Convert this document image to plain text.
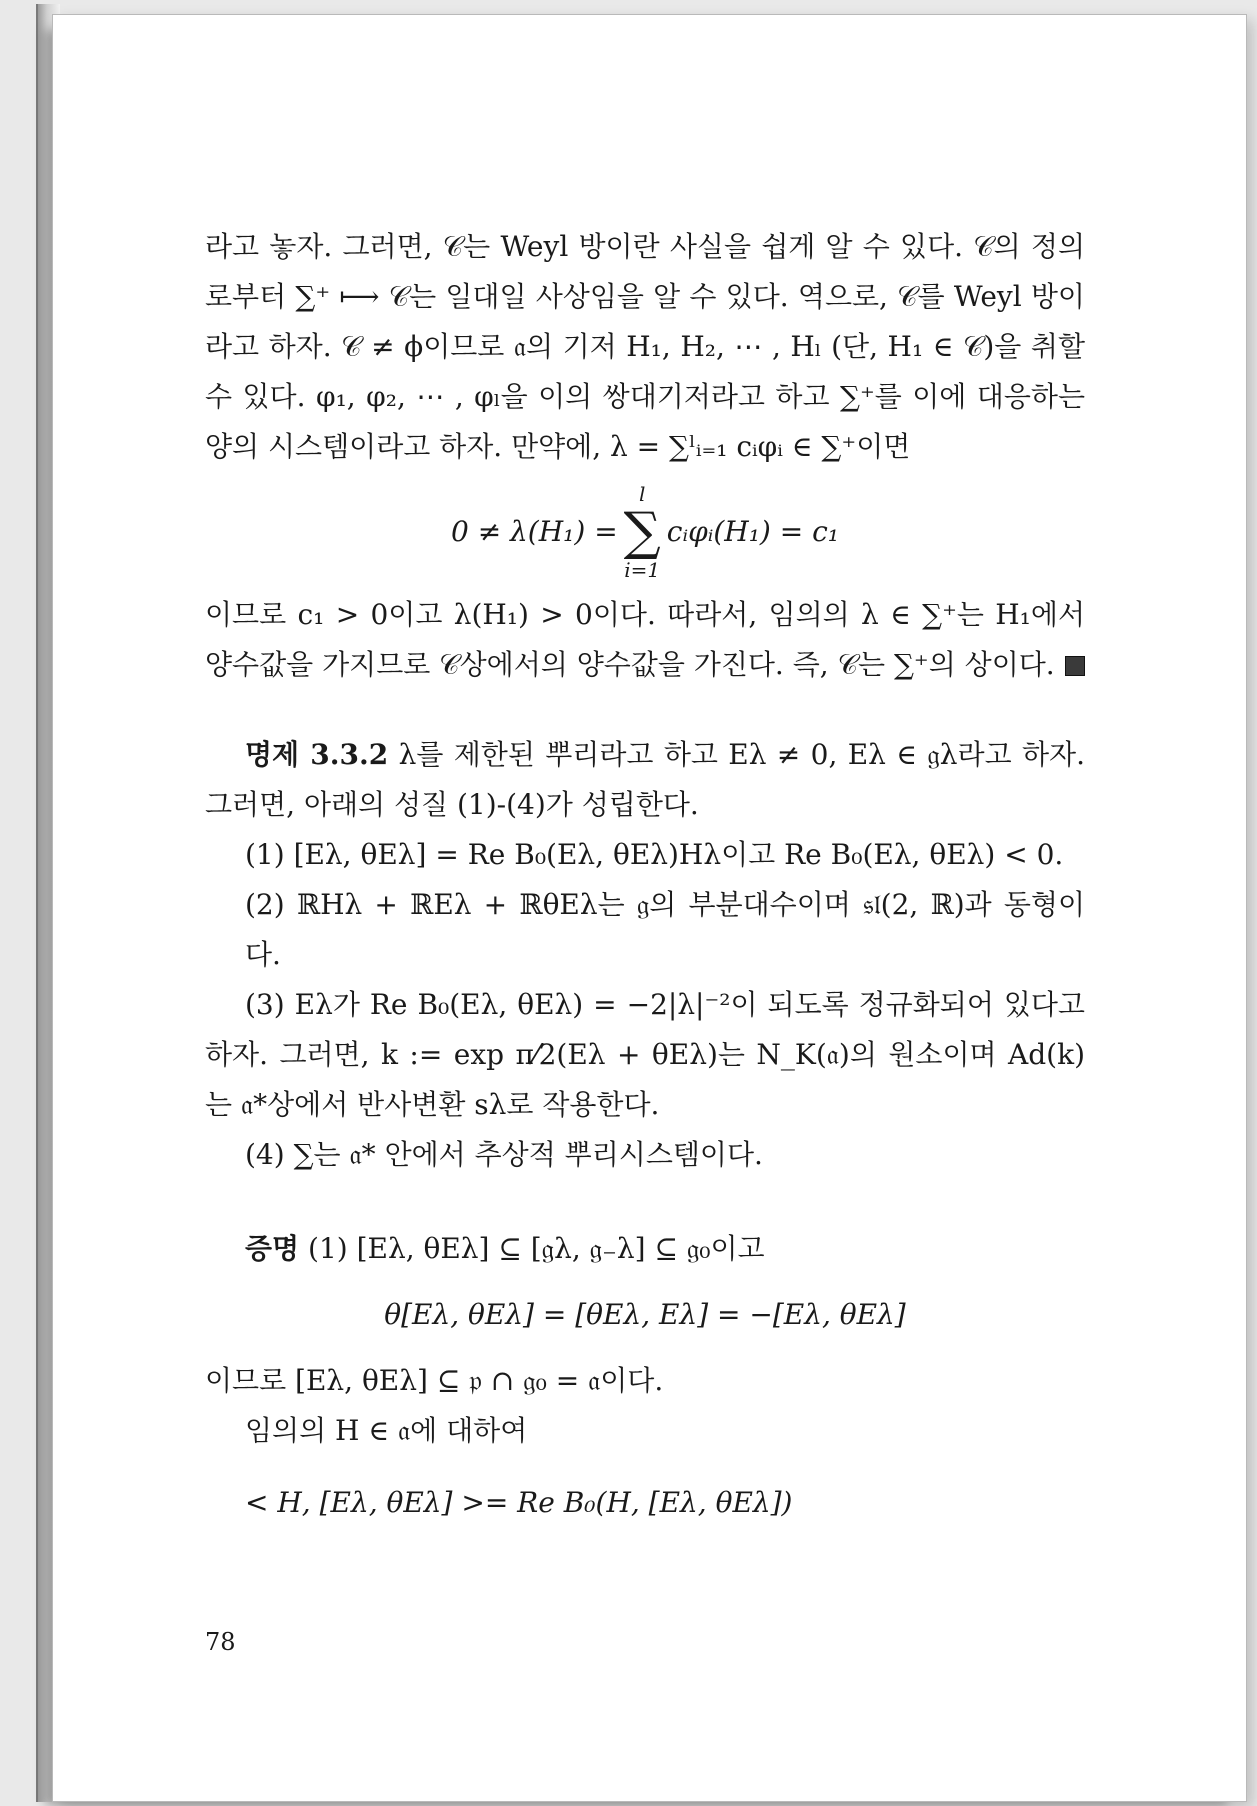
라고 놓자. 그러면, 𝒞는 Weyl 방이란 사실을 쉽게 알 수 있다. 𝒞의 정의로부터 ∑⁺ ⟼ 𝒞는 일대일 사상임을 알 수 있다. 역으로, 𝒞를 Weyl 방이라고 하자. 𝒞 ≠ ϕ이므로 𝔞의 기저 H₁, H₂, ⋯ , Hₗ (단, H₁ ∈ 𝒞)을 취할 수 있다. φ₁, φ₂, ⋯ , φₗ을 이의 쌍대기저라고 하고 ∑⁺를 이에 대응하는 양의 시스템이라고 하자. 만약에, λ = ∑ˡᵢ₌₁ cᵢφᵢ ∈ ∑⁺이면

0 ≠ λ(H₁) =
l
∑
i=1
cᵢφᵢ(H₁) = c₁

이므로 c₁ > 0이고 λ(H₁) > 0이다. 따라서, 임의의 λ ∈ ∑⁺는 H₁에서 양수값을 가지므로 𝒞상에서의 양수값을 가진다. 즉, 𝒞는 ∑⁺의 상이다.

명제 3.3.2 λ를 제한된 뿌리라고 하고 Eλ ≠ 0, Eλ ∈ 𝔤λ라고 하자. 그러면, 아래의 성질 (1)-(4)가 성립한다.

(1) [Eλ, θEλ] = Re B₀(Eλ, θEλ)Hλ이고 Re B₀(Eλ, θEλ) < 0.

(2) ℝHλ + ℝEλ + ℝθEλ는 𝔤의 부분대수이며 𝔰𝔩(2, ℝ)과 동형이다.

(3) Eλ가 Re B₀(Eλ, θEλ) = −2|λ|⁻²이 되도록 정규화되어 있다고 하자. 그러면, k := exp π⁄2(Eλ + θEλ)는 N_K(𝔞)의 원소이며 Ad(k)는 𝔞*상에서 반사변환 sλ로 작용한다.

(4) ∑는 𝔞* 안에서 추상적 뿌리시스템이다.

증명 (1) [Eλ, θEλ] ⊆ [𝔤λ, 𝔤₋λ] ⊆ 𝔤₀이고

θ[Eλ, θEλ] = [θEλ, Eλ] = −[Eλ, θEλ]

이므로 [Eλ, θEλ] ⊆ 𝔭 ∩ 𝔤₀ = 𝔞이다.

임의의 H ∈ 𝔞에 대하여

< H, [Eλ, θEλ] >= Re B₀(H, [Eλ, θEλ])

78
